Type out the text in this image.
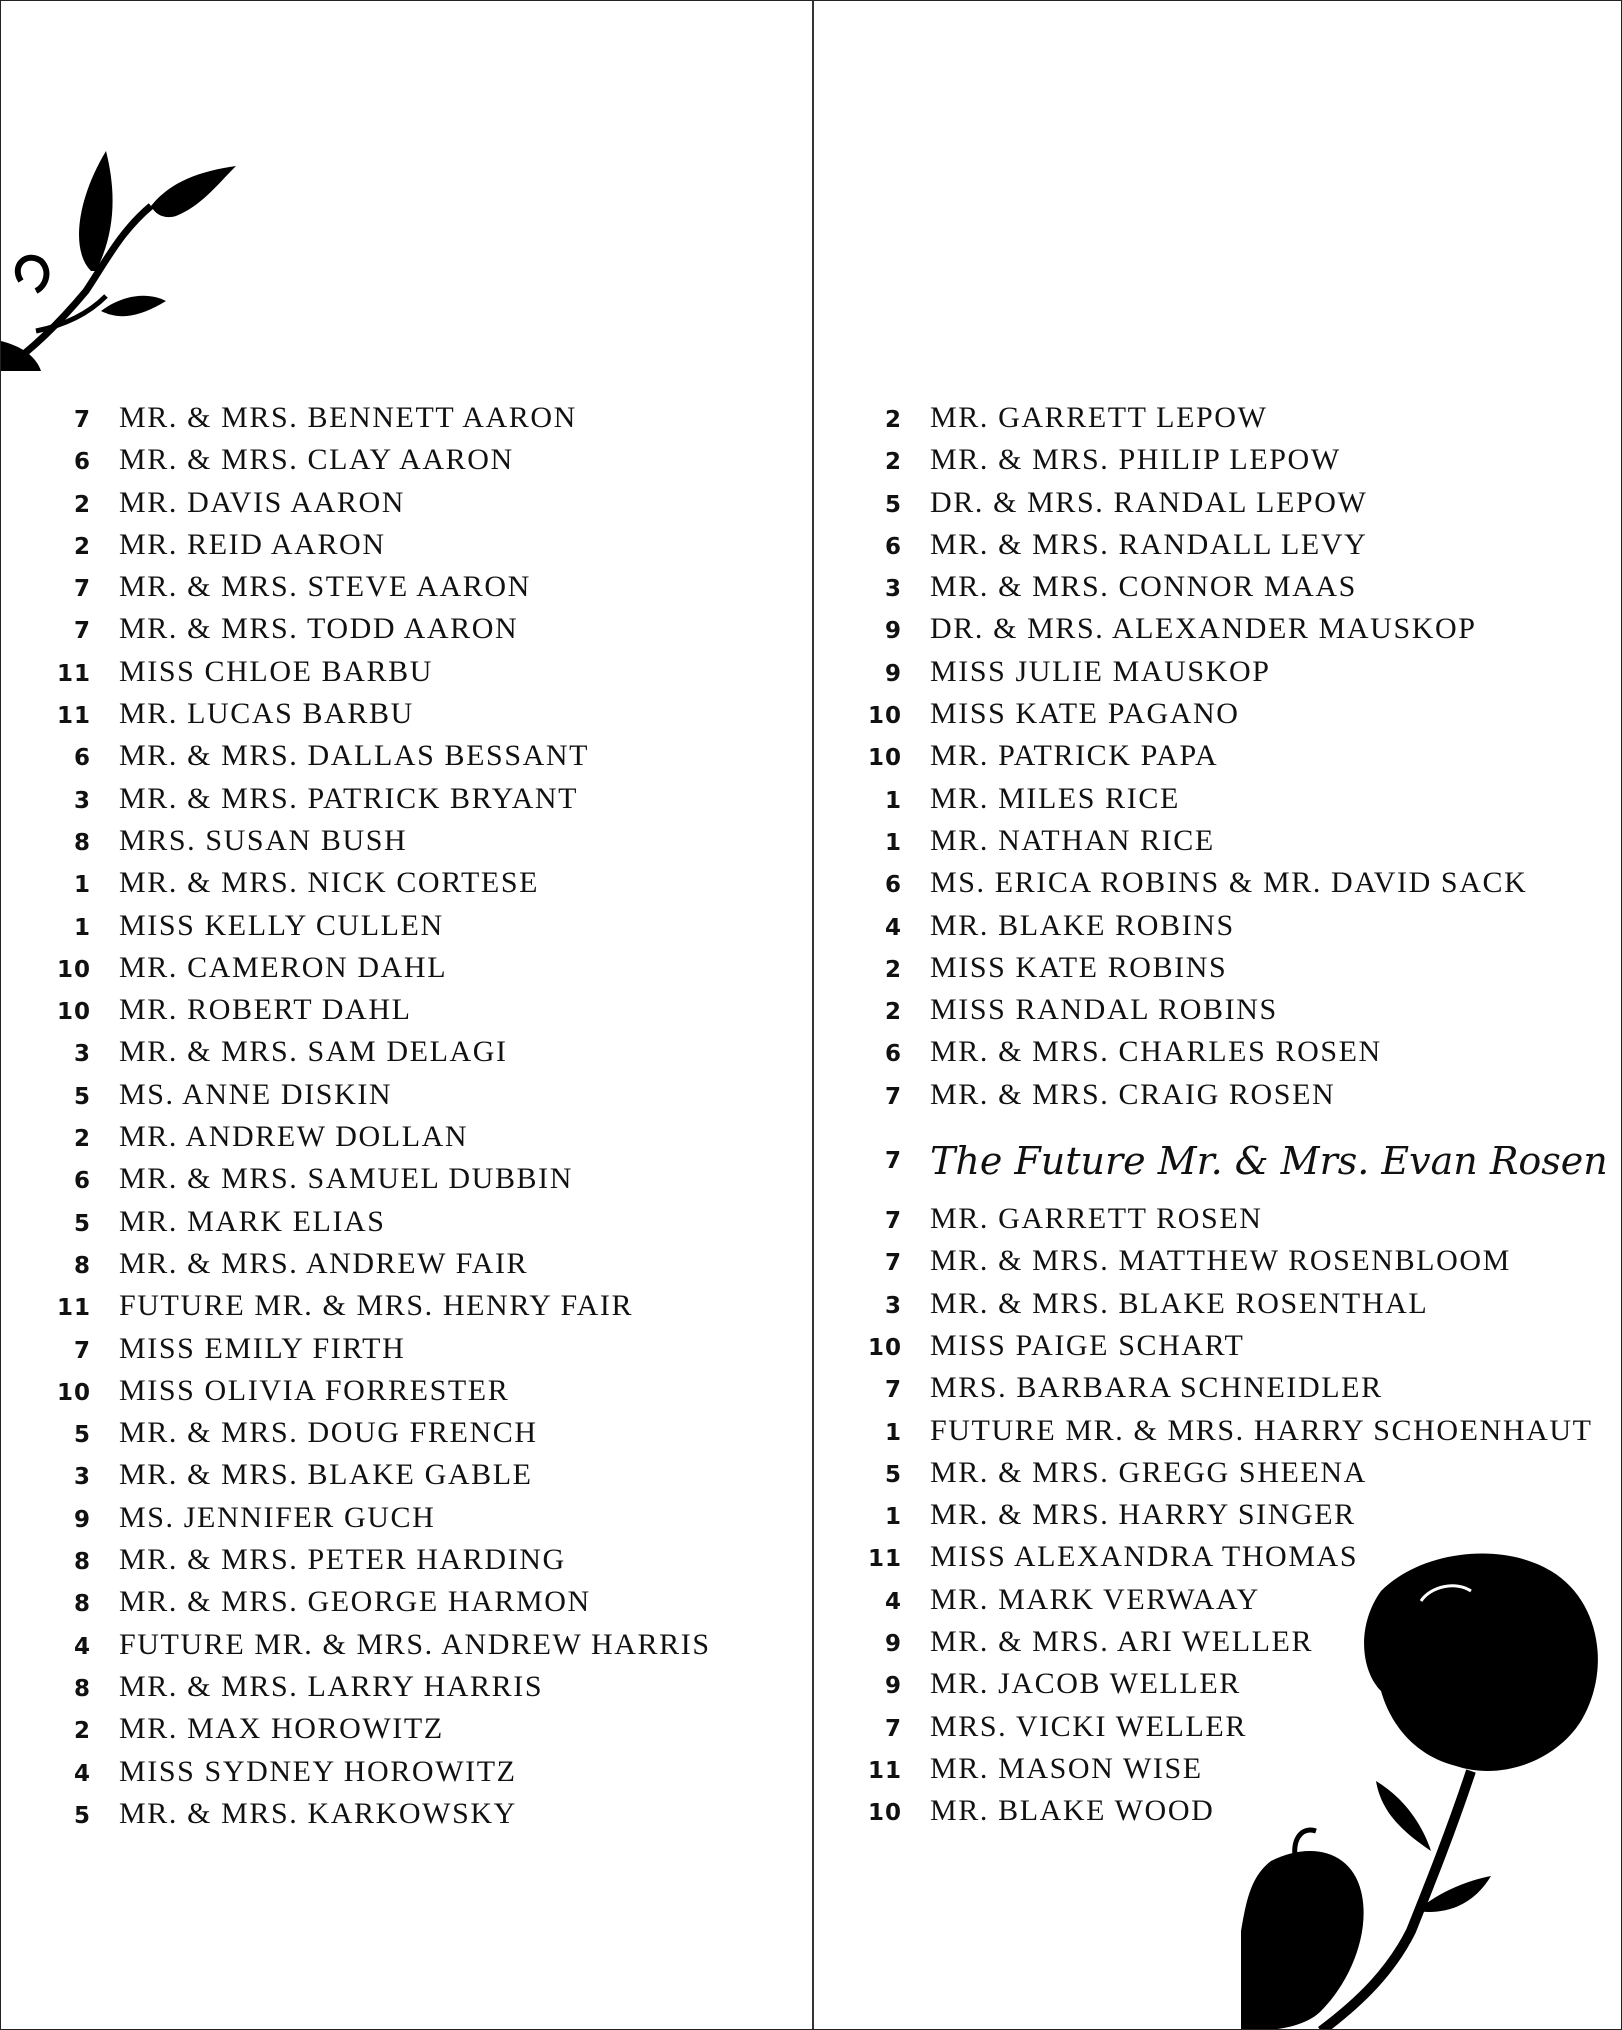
7 MR. & MRS. BENNETT AARON
6 MR. & MRS. CLAY AARON
2 MR. DAVIS AARON
2 MR. REID AARON
7 MR. & MRS. STEVE AARON
7 MR. & MRS. TODD AARON
11 MISS CHLOE BARBU
11 MR. LUCAS BARBU
6 MR. & MRS. DALLAS BESSANT
3 MR. & MRS. PATRICK BRYANT
8 MRS. SUSAN BUSH
1 MR. & MRS. NICK CORTESE
1 MISS KELLY CULLEN
10 MR. CAMERON DAHL
10 MR. ROBERT DAHL
3 MR. & MRS. SAM DELAGI
5 MS. ANNE DISKIN
2 MR. ANDREW DOLLAN
6 MR. & MRS. SAMUEL DUBBIN
5 MR. MARK ELIAS
8 MR. & MRS. ANDREW FAIR
11 FUTURE MR. & MRS. HENRY FAIR
7 MISS EMILY FIRTH
10 MISS OLIVIA FORRESTER
5 MR. & MRS. DOUG FRENCH
3 MR. & MRS. BLAKE GABLE
9 MS. JENNIFER GUCH
8 MR. & MRS. PETER HARDING
8 MR. & MRS. GEORGE HARMON
4 FUTURE MR. & MRS. ANDREW HARRIS
8 MR. & MRS. LARRY HARRIS
2 MR. MAX HOROWITZ
4 MISS SYDNEY HOROWITZ
5 MR. & MRS. KARKOWSKY
2 MR. GARRETT LEPOW
2 MR. & MRS. PHILIP LEPOW
5 DR. & MRS. RANDAL LEPOW
6 MR. & MRS. RANDALL LEVY
3 MR. & MRS. CONNOR MAAS
9 DR. & MRS. ALEXANDER MAUSKOP
9 MISS JULIE MAUSKOP
10 MISS KATE PAGANO
10 MR. PATRICK PAPA
1 MR. MILES RICE
1 MR. NATHAN RICE
6 MS. ERICA ROBINS & MR. DAVID SACK
4 MR. BLAKE ROBINS
2 MISS KATE ROBINS
2 MISS RANDAL ROBINS
6 MR. & MRS. CHARLES ROSEN
7 MR. & MRS. CRAIG ROSEN
7 The Future Mr. & Mrs. Evan Rosen
7 MR. GARRETT ROSEN
7 MR. & MRS. MATTHEW ROSENBLOOM
3 MR. & MRS. BLAKE ROSENTHAL
10 MISS PAIGE SCHART
7 MRS. BARBARA SCHNEIDLER
1 FUTURE MR. & MRS. HARRY SCHOENHAUT
5 MR. & MRS. GREGG SHEENA
1 MR. & MRS. HARRY SINGER
11 MISS ALEXANDRA THOMAS
4 MR. MARK VERWAAY
9 MR. & MRS. ARI WELLER
9 MR. JACOB WELLER
7 MRS. VICKI WELLER
11 MR. MASON WISE
10 MR. BLAKE WOOD
